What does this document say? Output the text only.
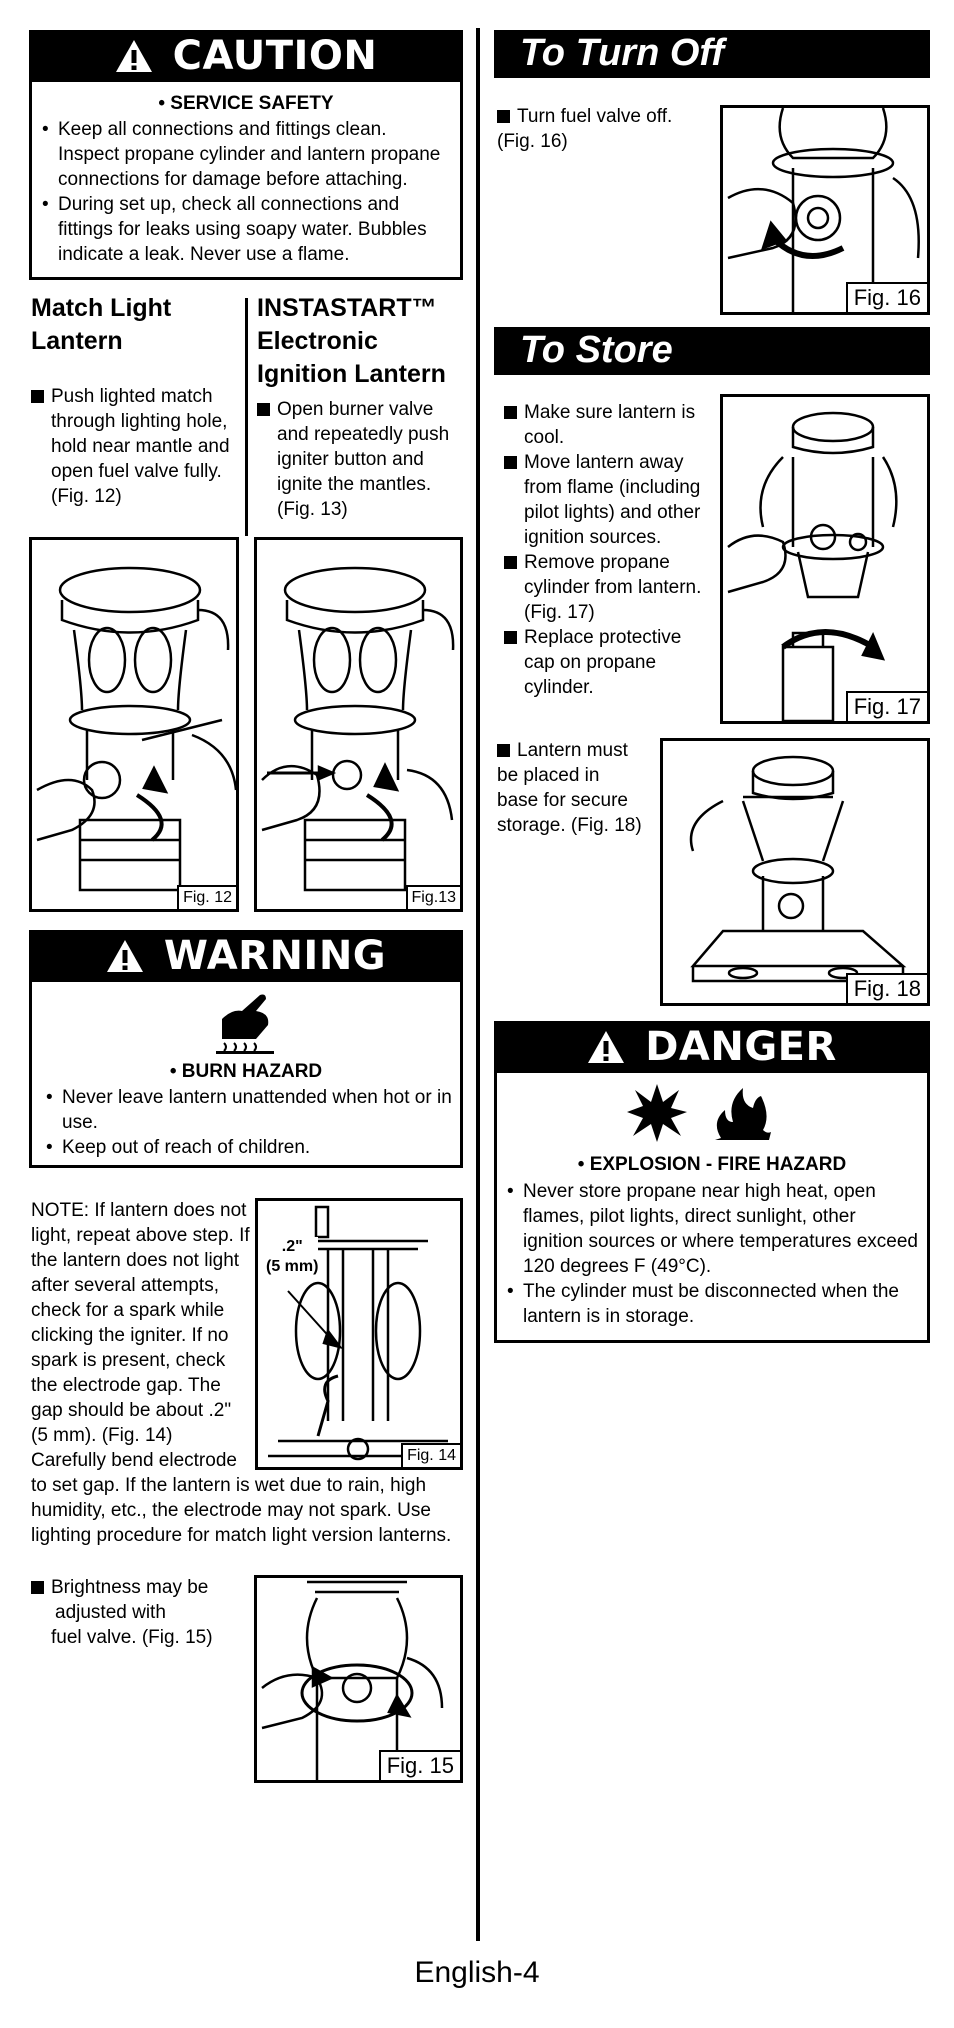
CAUTION
• SERVICE SAFETY
• Keep all connections and fittings clean. Inspect propane cylinder and lantern propane connections for damage before attaching.
• During set up, check all connections and fittings for leaks using soapy water. Bubbles indicate a leak. Never use a flame.
Match Light
Lantern
Push lighted match through lighting hole, hold near mantle and open fuel valve fully. (Fig. 12)
INSTASTART™
Electronic
Ignition Lantern
Open burner valve and repeatedly push igniter button and ignite the mantles. (Fig. 13)
Fig. 12	Fig.13
WARNING
• BURN HAZARD
• Never leave lantern unattended when hot or in use.
• Keep out of reach of children.
NOTE: If lantern does not
light, repeat above step. If
the lantern does not light
after several attempts,
check for a spark while
clicking the igniter. If no
spark is present, check
the electrode gap. The
gap should be about .2"
(5 mm). (Fig. 14)
Carefully bend electrode
to set gap. If the lantern is wet due to rain, high
humidity, etc., the electrode may not spark. Use
lighting procedure for match light version lanterns.
.2"
(5 mm)
Fig. 14
Brightness may be
adjusted with
fuel valve. (Fig. 15)
Fig. 15
To Turn Off
Turn fuel valve off.
(Fig. 16)
Fig. 16
To Store
Make sure lantern is cool.
Move lantern away from flame (including pilot lights) and other ignition sources.
Remove propane cylinder from lantern. (Fig. 17)
Replace protective cap on propane cylinder.
Fig. 17
Lantern must
be placed in
base for secure
storage. (Fig. 18)
Fig. 18
DANGER
• EXPLOSION - FIRE HAZARD
• Never store propane near high heat, open flames, pilot lights, direct sunlight, other ignition sources or where temperatures exceed 120 degrees F (49°C).
• The cylinder must be disconnected when the lantern is in storage.
English-4
